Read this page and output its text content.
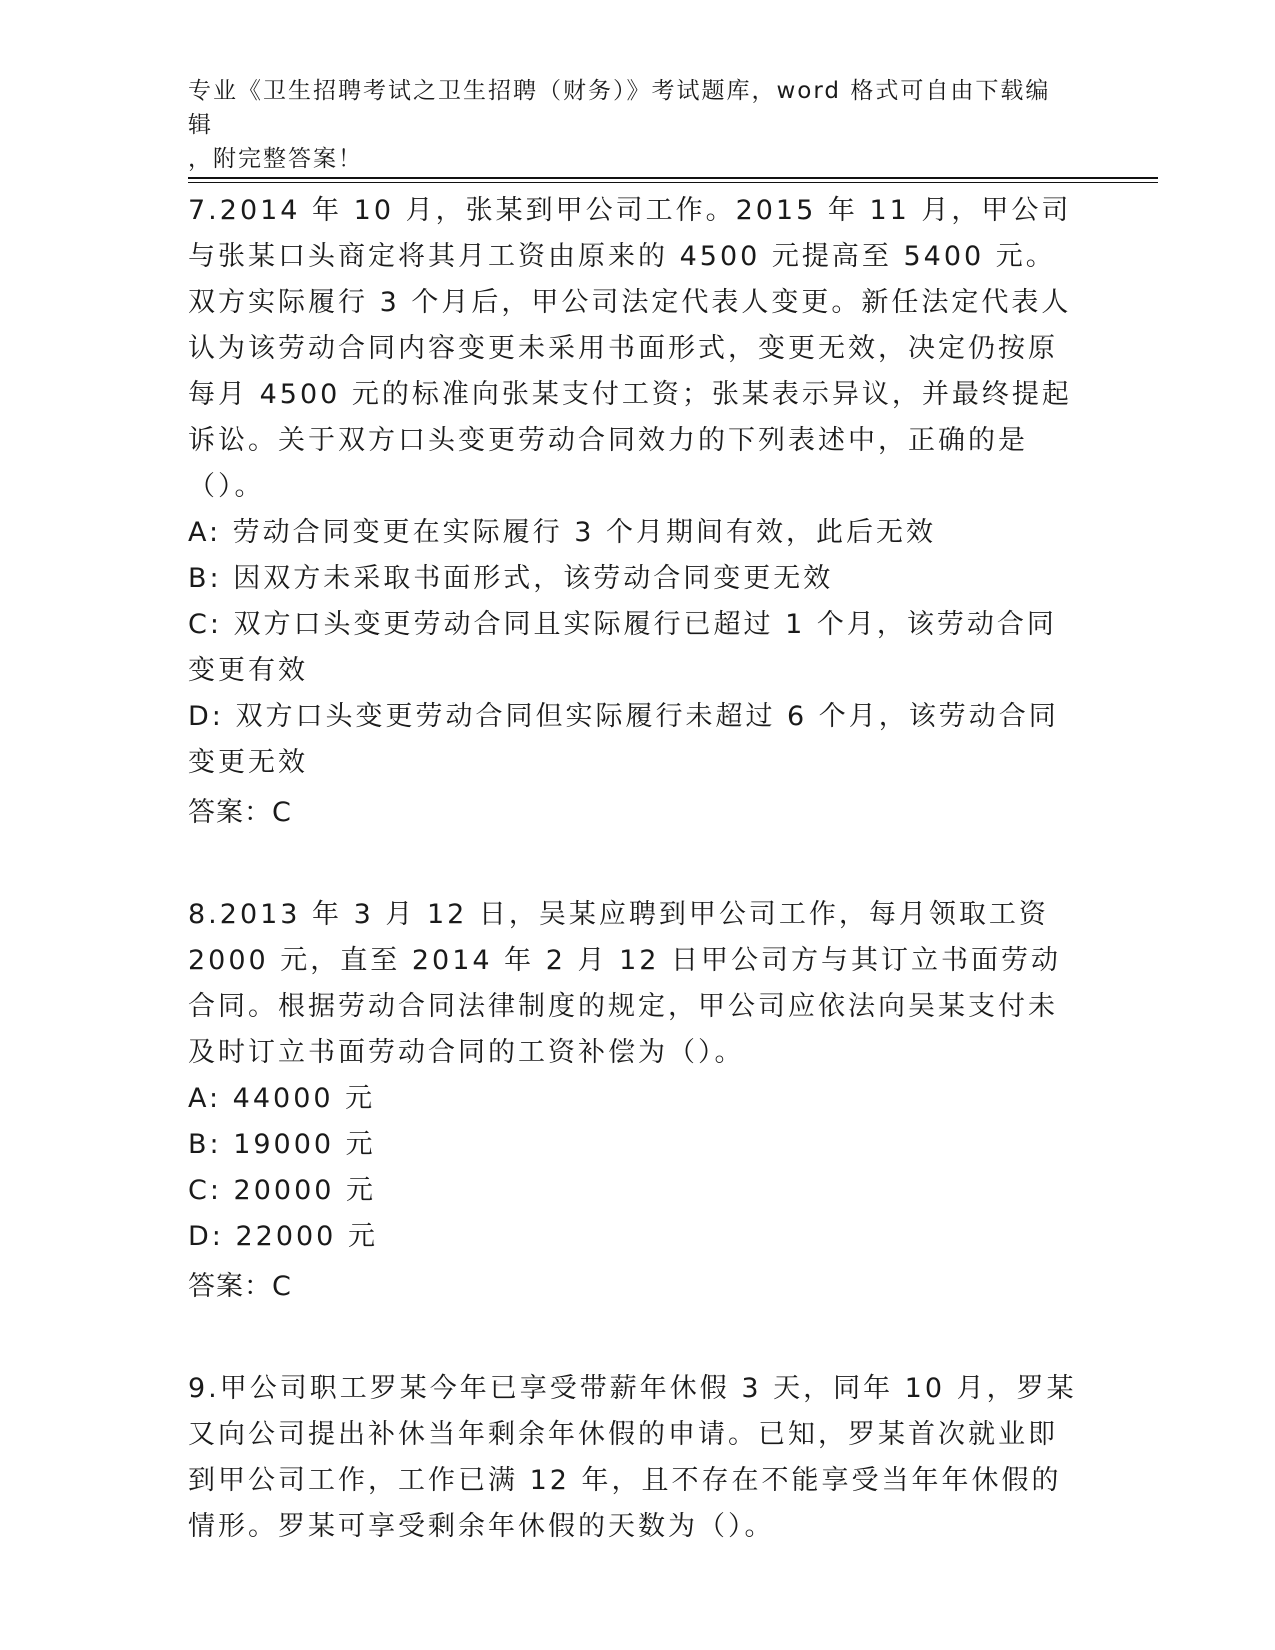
专业《卫生招聘考试之卫生招聘（财务）》考试题库，word 格式可自由下载编辑
，附完整答案！
7.2014 年 10 月，张某到甲公司工作。2015 年 11 月，甲公司与张某口头商定将其月工资由原来的 4500 元提高至 5400 元。双方实际履行 3 个月后，甲公司法定代表人变更。新任法定代表人认为该劳动合同内容变更未采用书面形式，变更无效，决定仍按原每月 4500 元的标准向张某支付工资；张某表示异议，并最终提起诉讼。关于双方口头变更劳动合同效力的下列表述中，正确的是（）。
A: 劳动合同变更在实际履行 3 个月期间有效，此后无效
B: 因双方未采取书面形式，该劳动合同变更无效
C: 双方口头变更劳动合同且实际履行已超过 1 个月，该劳动合同变更有效
D: 双方口头变更劳动合同但实际履行未超过 6 个月，该劳动合同变更无效
答案：C
8.2013 年 3 月 12 日，吴某应聘到甲公司工作，每月领取工资 2000 元，直至 2014 年 2 月 12 日甲公司方与其订立书面劳动合同。根据劳动合同法律制度的规定，甲公司应依法向吴某支付未及时订立书面劳动合同的工资补偿为（）。
A: 44000 元
B: 19000 元
C: 20000 元
D: 22000 元
答案：C
9.甲公司职工罗某今年已享受带薪年休假 3 天，同年 10 月，罗某又向公司提出补休当年剩余年休假的申请。已知，罗某首次就业即到甲公司工作，工作已满 12 年，且不存在不能享受当年年休假的情形。罗某可享受剩余年休假的天数为（）。
